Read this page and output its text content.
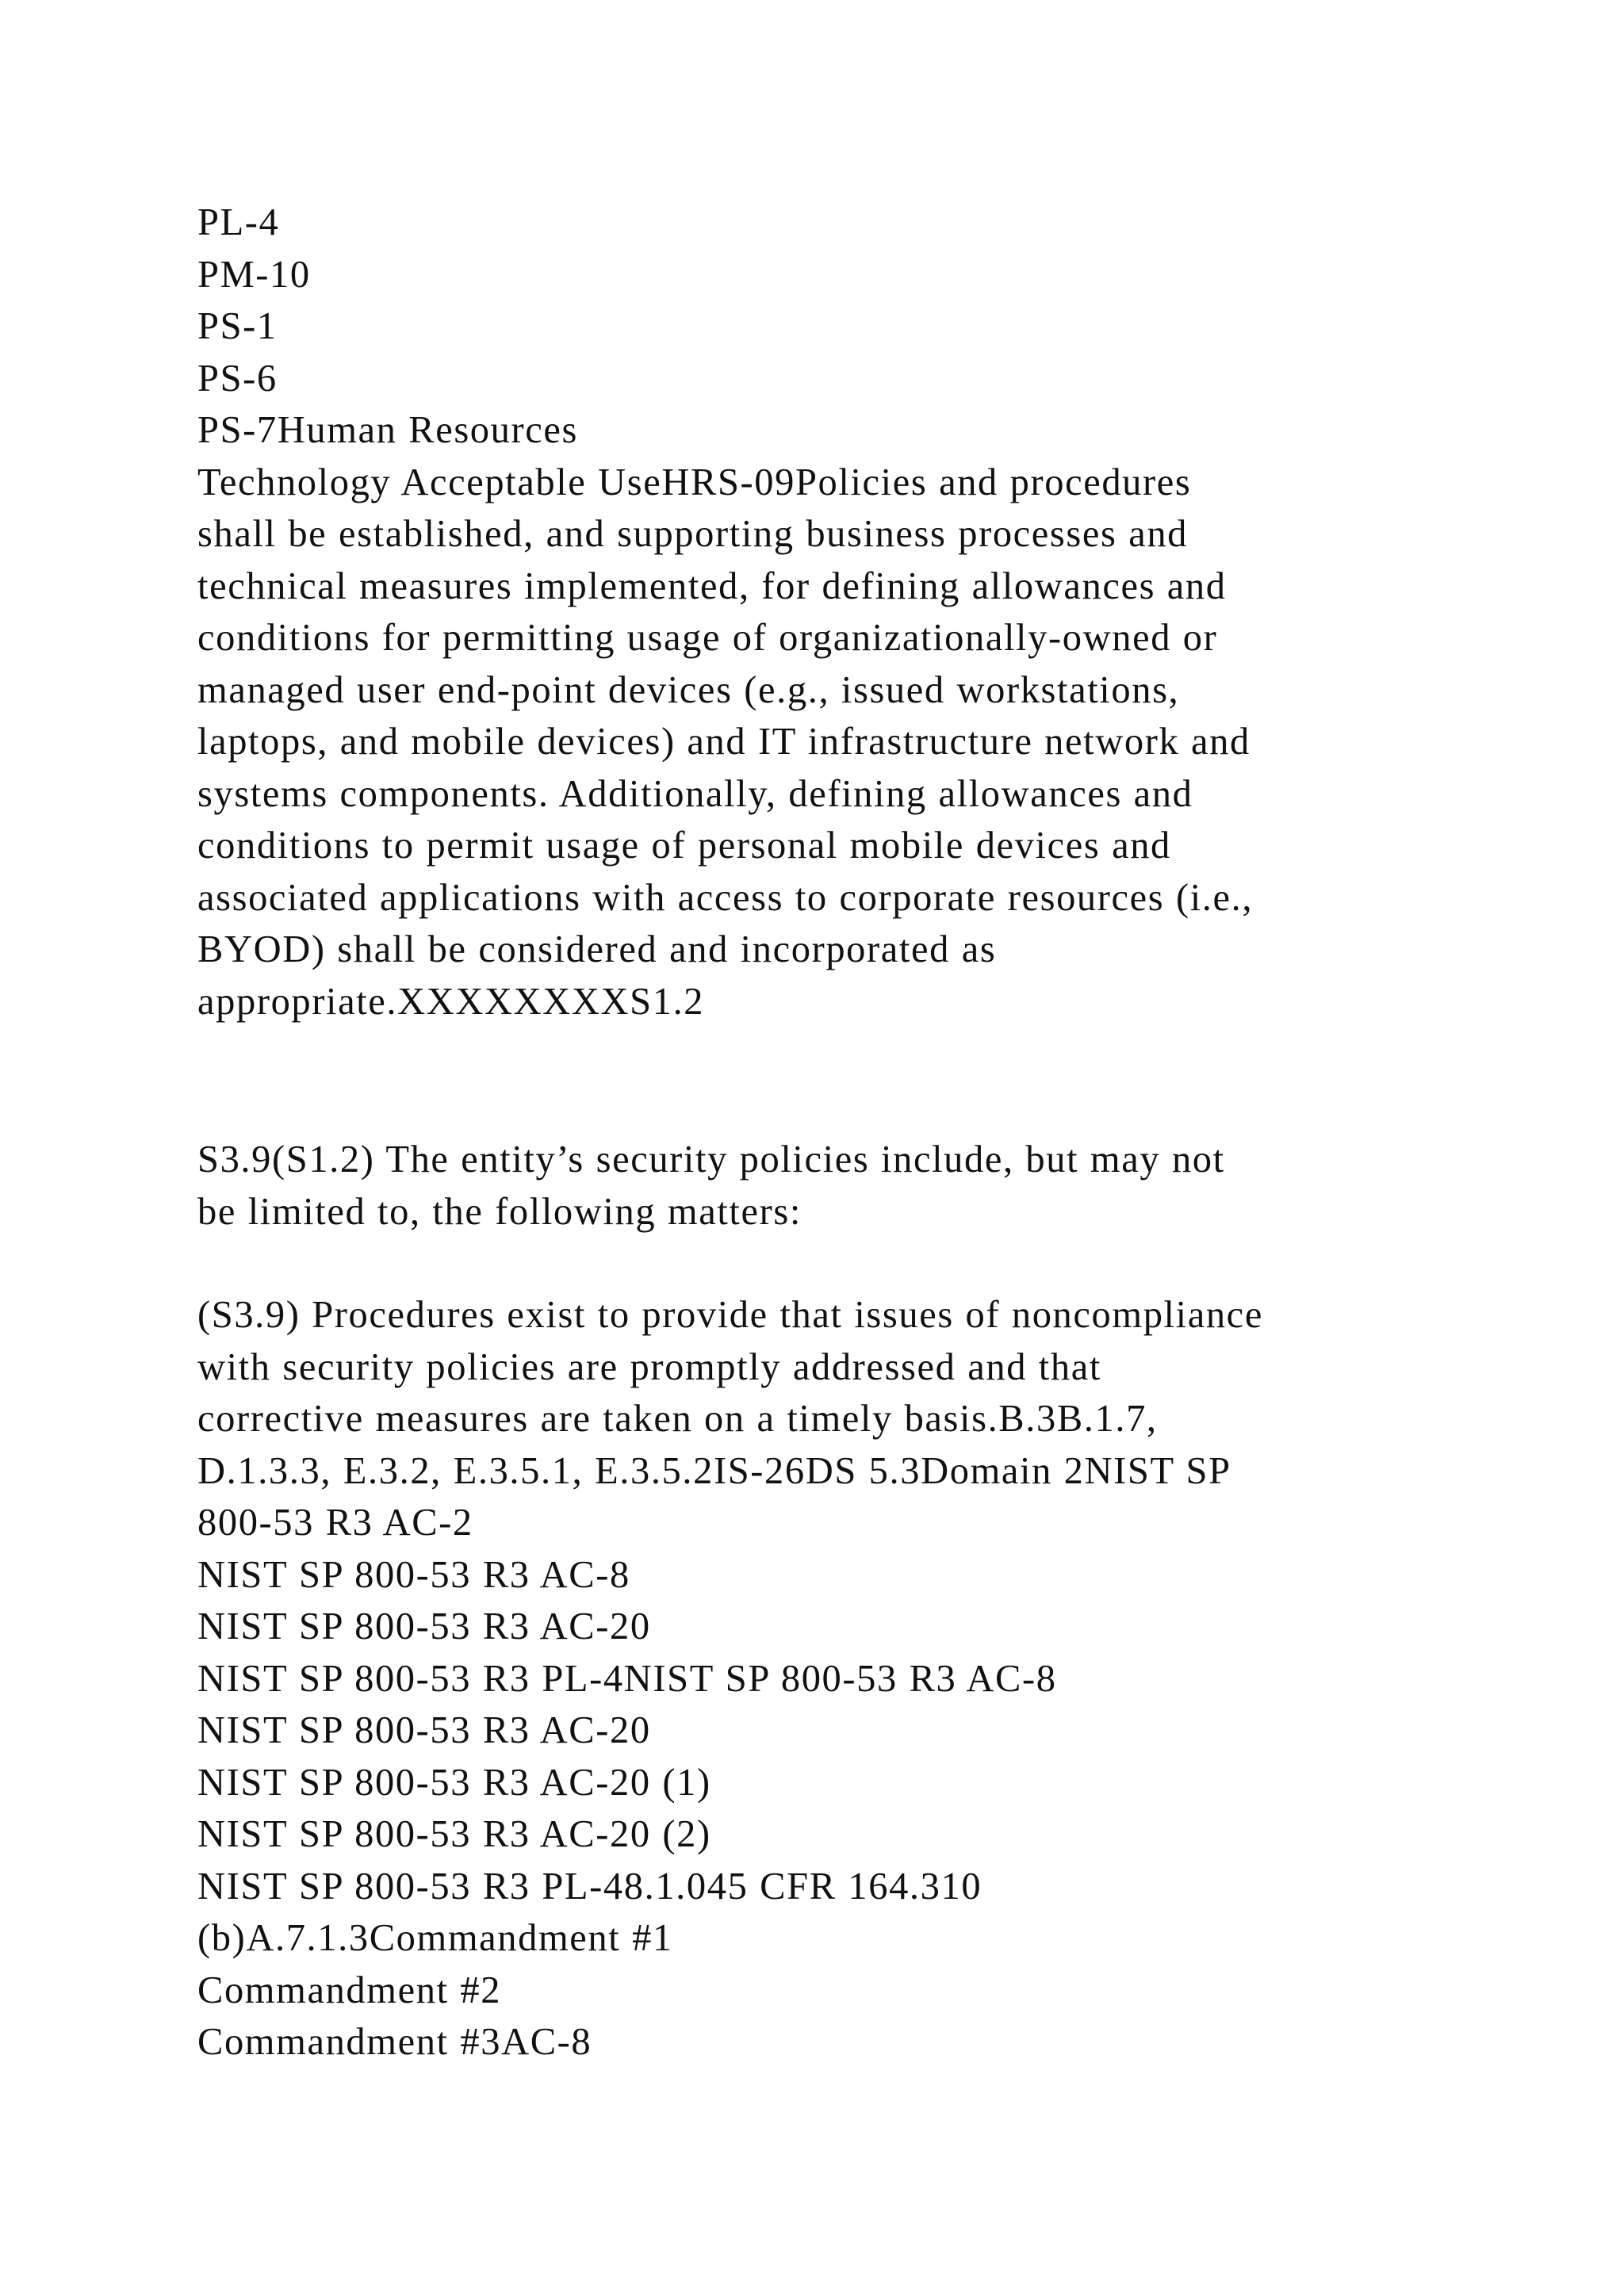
PL-4
PM-10
PS-1
PS-6
PS-7Human Resources
Technology Acceptable UseHRS-09Policies and procedures
shall be established, and supporting business processes and
technical measures implemented, for defining allowances and
conditions for permitting usage of organizationally-owned or
managed user end-point devices (e.g., issued workstations,
laptops, and mobile devices) and IT infrastructure network and
systems components. Additionally, defining allowances and
conditions to permit usage of personal mobile devices and
associated applications with access to corporate resources (i.e.,
BYOD) shall be considered and incorporated as
appropriate.XXXXXXXXS1.2
S3.9(S1.2) The entity’s security policies include, but may not
be limited to, the following matters:
(S3.9) Procedures exist to provide that issues of noncompliance
with security policies are promptly addressed and that
corrective measures are taken on a timely basis.B.3B.1.7,
D.1.3.3, E.3.2, E.3.5.1, E.3.5.2IS-26DS 5.3Domain 2NIST SP
800-53 R3 AC-2
NIST SP 800-53 R3 AC-8
NIST SP 800-53 R3 AC-20
NIST SP 800-53 R3 PL-4NIST SP 800-53 R3 AC-8
NIST SP 800-53 R3 AC-20
NIST SP 800-53 R3 AC-20 (1)
NIST SP 800-53 R3 AC-20 (2)
NIST SP 800-53 R3 PL-48.1.045 CFR 164.310
(b)A.7.1.3Commandment #1
Commandment #2
Commandment #3AC-8
